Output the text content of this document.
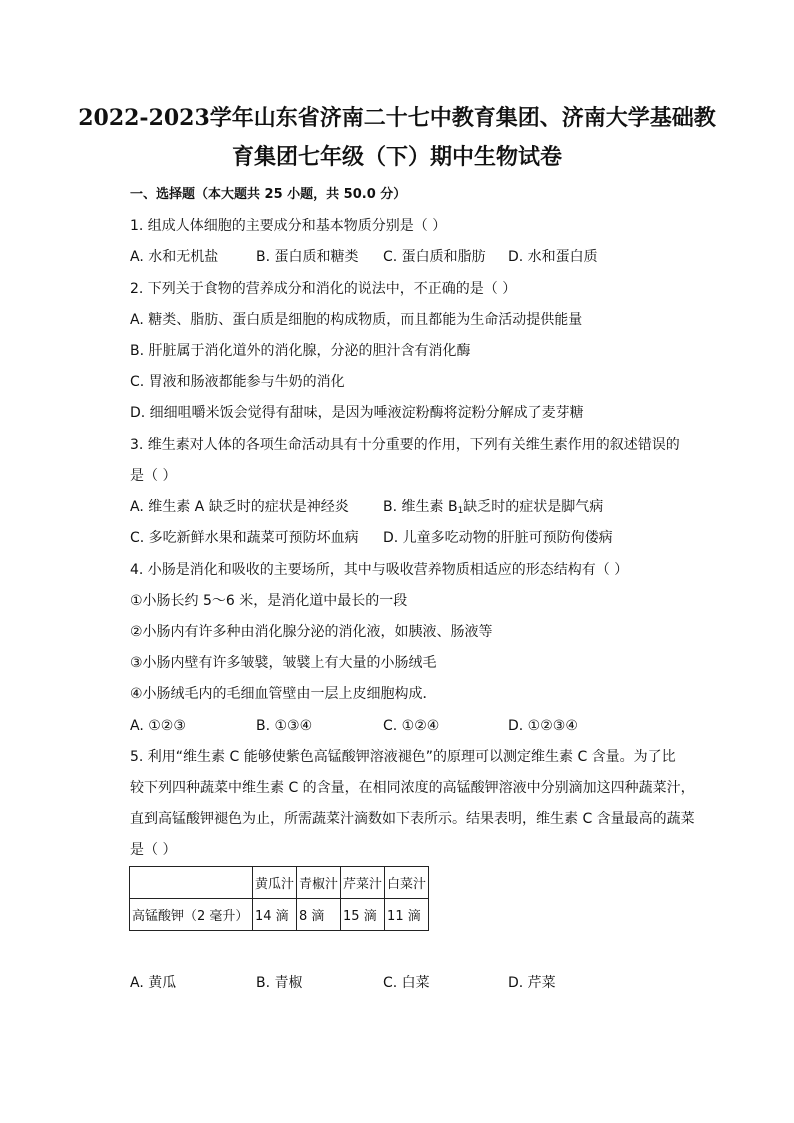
2022-2023学年山东省济南二十七中教育集团、济南大学基础教
育集团七年级（下）期中生物试卷
一、选择题（本大题共 25 小题，共 50.0 分）
1. 组成人体细胞的主要成分和基本物质分别是（ ）
A. 水和无机盐	B. 蛋白质和糖类 C. 蛋白质和脂肪 D. 水和蛋白质
2. 下列关于食物的营养成分和消化的说法中，不正确的是（ ）
A. 糖类、脂肪、蛋白质是细胞的构成物质，而且都能为生命活动提供能量
B. 肝脏属于消化道外的消化腺，分泌的胆汁含有消化酶
C. 胃液和肠液都能参与牛奶的消化
D. 细细咀嚼米饭会觉得有甜味，是因为唾液淀粉酶将淀粉分解成了麦芽糖
3. 维生素对人体的各项生命活动具有十分重要的作用，下列有关维生素作用的叙述错误的
是（ ）
A. 维生素 A 缺乏时的症状是神经炎 B. 维生素 $B_1$缺乏时的症状是脚气病
C. 多吃新鲜水果和蔬菜可预防坏血病 D. 儿童多吃动物的肝脏可预防佝偻病
4. 小肠是消化和吸收的主要场所，其中与吸收营养物质相适应的形态结构有（ ）
①小肠长约 5～6 米，是消化道中最长的一段
②小肠内有许多种由消化腺分泌的消化液，如胰液、肠液等
③小肠内壁有许多皱襞，皱襞上有大量的小肠绒毛
④小肠绒毛内的毛细血管壁由一层上皮细胞构成．
A. ①②③	B. ①③④	C. ①②④	D. ①②③④
5. 利用“维生素 C 能够使紫色高锰酸钾溶液褪色”的原理可以测定维生素 C 含量。为了比
较下列四种蔬菜中维生素 C 的含量，在相同浓度的高锰酸钾溶液中分别滴加这四种蔬菜汁，
直到高锰酸钾褪色为止，所需蔬菜汁滴数如下表所示。结果表明，维生素 C 含量最高的蔬菜
是（ ）
	黄瓜汁	青椒汁	芹菜汁	白菜汁
高锰酸钾（2 毫升）	14 滴	8 滴	15 滴	11 滴
A. 黄瓜	B. 青椒	C. 白菜	D. 芹菜
